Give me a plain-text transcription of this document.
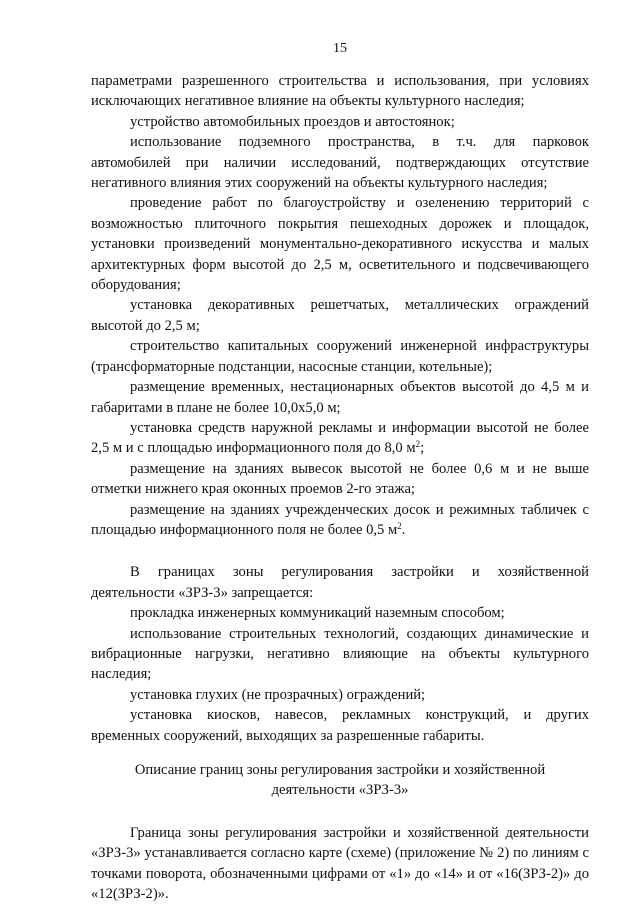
15

параметрами разрешенного строительства и использования, при условиях исключающих негативное влияние на объекты культурного наследия;

устройство автомобильных проездов и автостоянок;

использование подземного пространства, в т.ч. для парковок автомобилей при наличии исследований, подтверждающих отсутствие негативного влияния этих сооружений на объекты культурного наследия;

проведение работ по благоустройству и озеленению территорий с возможностью плиточного покрытия пешеходных дорожек и площадок, установки произведений монументально-декоративного искусства и малых архитектурных форм высотой до 2,5 м, осветительного и подсвечивающего оборудования;

установка декоративных решетчатых, металлических ограждений высотой до 2,5 м;

строительство капитальных сооружений инженерной инфраструктуры (трансформаторные подстанции, насосные станции, котельные);

размещение временных, нестационарных объектов высотой до 4,5 м и габаритами в плане не более 10,0х5,0 м;

установка средств наружной рекламы и информации высотой не более 2,5 м и с площадью информационного поля до 8,0 $м^2$;

размещение на зданиях вывесок высотой не более 0,6 м и не выше отметки нижнего края оконных проемов 2-го этажа;

размещение на зданиях учрежденческих досок и режимных табличек с площадью информационного поля не более 0,5 $м^2$.

В границах зоны регулирования застройки и хозяйственной деятельности «ЗРЗ-3» запрещается:

прокладка инженерных коммуникаций наземным способом;

использование строительных технологий, создающих динамические и вибрационные нагрузки, негативно влияющие на объекты культурного наследия;

установка глухих (не прозрачных) ограждений;

установка киосков, навесов, рекламных конструкций, и других временных сооружений, выходящих за разрешенные габариты.

Описание границ зоны регулирования застройки и хозяйственной

деятельности «ЗРЗ-3»

Граница зоны регулирования застройки и хозяйственной деятельности «ЗРЗ-3» устанавливается согласно карте (схеме) (приложение № 2) по линиям с точками поворота, обозначенными цифрами от «1» до «14» и от «16(ЗРЗ-2)» до «12(ЗРЗ-2)».
